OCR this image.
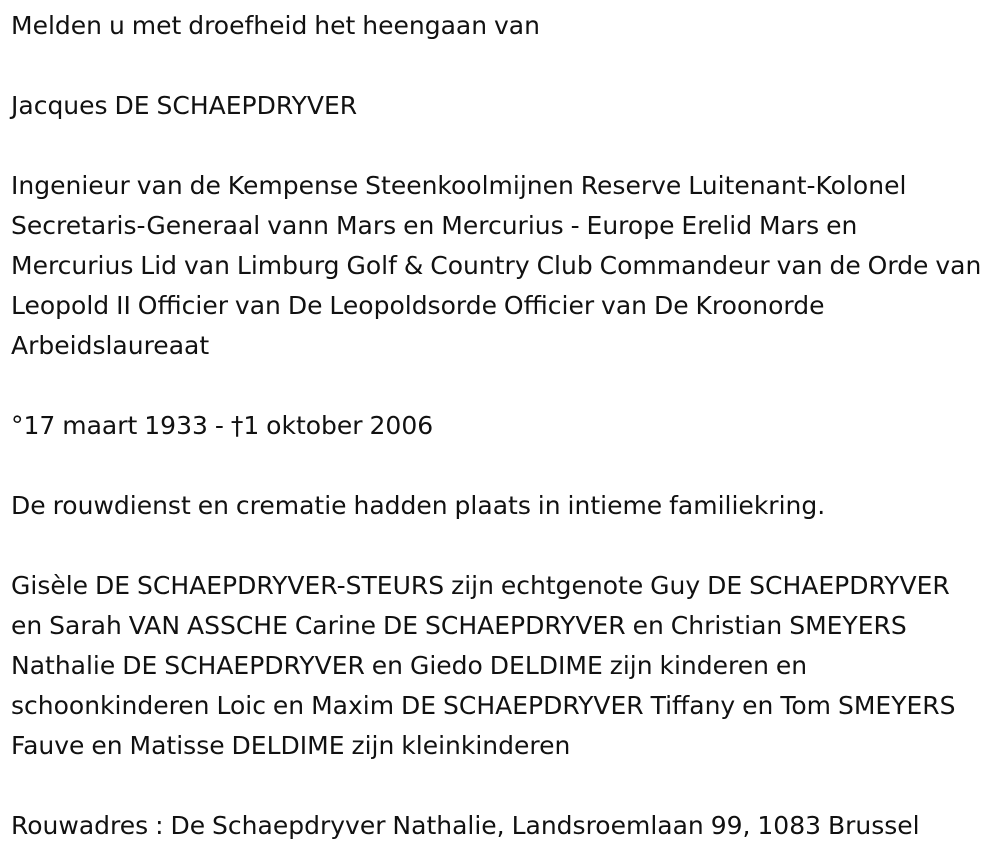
Melden u met droefheid het heengaan van

Jacques DE SCHAEPDRYVER

Ingenieur van de Kempense Steenkoolmijnen Reserve Luitenant-Kolonel Secretaris-Generaal vann Mars en Mercurius - Europe Erelid Mars en Mercurius Lid van Limburg Golf & Country Club Commandeur van de Orde van Leopold II Officier van De Leopoldsorde Officier van De Kroonorde Arbeidslaureaat

°17 maart 1933 - †1 oktober 2006

De rouwdienst en crematie hadden plaats in intieme familiekring.

Gisèle DE SCHAEPDRYVER-STEURS zijn echtgenote Guy DE SCHAEPDRYVER en Sarah VAN ASSCHE Carine DE SCHAEPDRYVER en Christian SMEYERS Nathalie DE SCHAEPDRYVER en Giedo DELDIME zijn kinderen en schoonkinderen Loic en Maxim DE SCHAEPDRYVER Tiffany en Tom SMEYERS Fauve en Matisse DELDIME zijn kleinkinderen

Rouwadres : De Schaepdryver Nathalie, Landsroemlaan 99, 1083 Brussel
